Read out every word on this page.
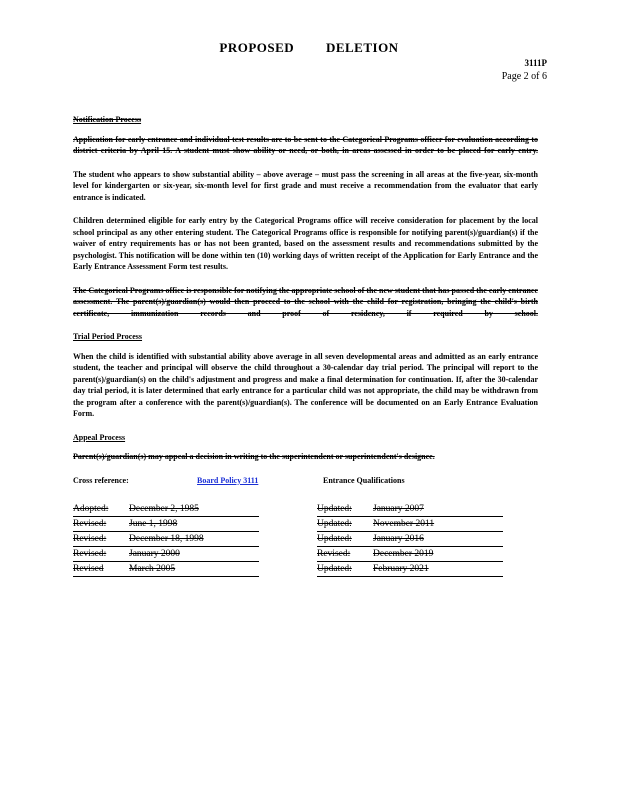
PROPOSED DELETION
3111P
Page 2 of 6
Notification Process

Application for early entrance and individual test results are to be sent to the Categorical Programs officer for evaluation according to district criteria by April 15. A student must show ability or need, or both, in areas assessed in order to be placed for early entry.

The student who appears to show substantial ability – above average – must pass the screening in all areas at the five-year, six-month level for kindergarten or six-year, six-month level for first grade and must receive a recommendation from the evaluator that early entrance is indicated.

Children determined eligible for early entry by the Categorical Programs office will receive consideration for placement by the local school principal as any other entering student. The Categorical Programs office is responsible for notifying parent(s)/guardian(s) if the waiver of entry requirements has or has not been granted, based on the assessment results and recommendations submitted by the psychologist. This notification will be done within ten (10) working days of written receipt of the Application for Early Entrance and the Early Entrance Assessment Form test results.

The Categorical Programs office is responsible for notifying the appropriate school of the new student that has passed the early entrance assessment. The parent(s)/guardian(s) would then proceed to the school with the child for registration, bringing the child's birth certificate, immunization records and proof of residency, if required by school.

Trial Period Process

When the child is identified with substantial ability above average in all seven developmental areas and admitted as an early entrance student, the teacher and principal will observe the child throughout a 30-calendar day trial period. The principal will report to the parent(s)/guardian(s) on the child's adjustment and progress and make a final determination for continuation. If, after the 30-calendar day trial period, it is later determined that early entrance for a particular child was not appropriate, the child may be withdrawn from the program after a conference with the parent(s)/guardian(s). The conference will be documented on an Early Entrance Evaluation Form.

Appeal Process

Parent(s)/guardian(s) may appeal a decision in writing to the superintendent or superintendent's designee.

Cross reference:	Board Policy 3111	Entrance Qualifications
Adopted:	December 2, 1985
Revised:	June 1, 1998
Revised:	December 18, 1998
Revised:	January 2000
Revised	March 2005
Updated:	January 2007
Updated:	November 2011
Updated:	January 2016
Revised:	December 2019
Updated:	February 2021
